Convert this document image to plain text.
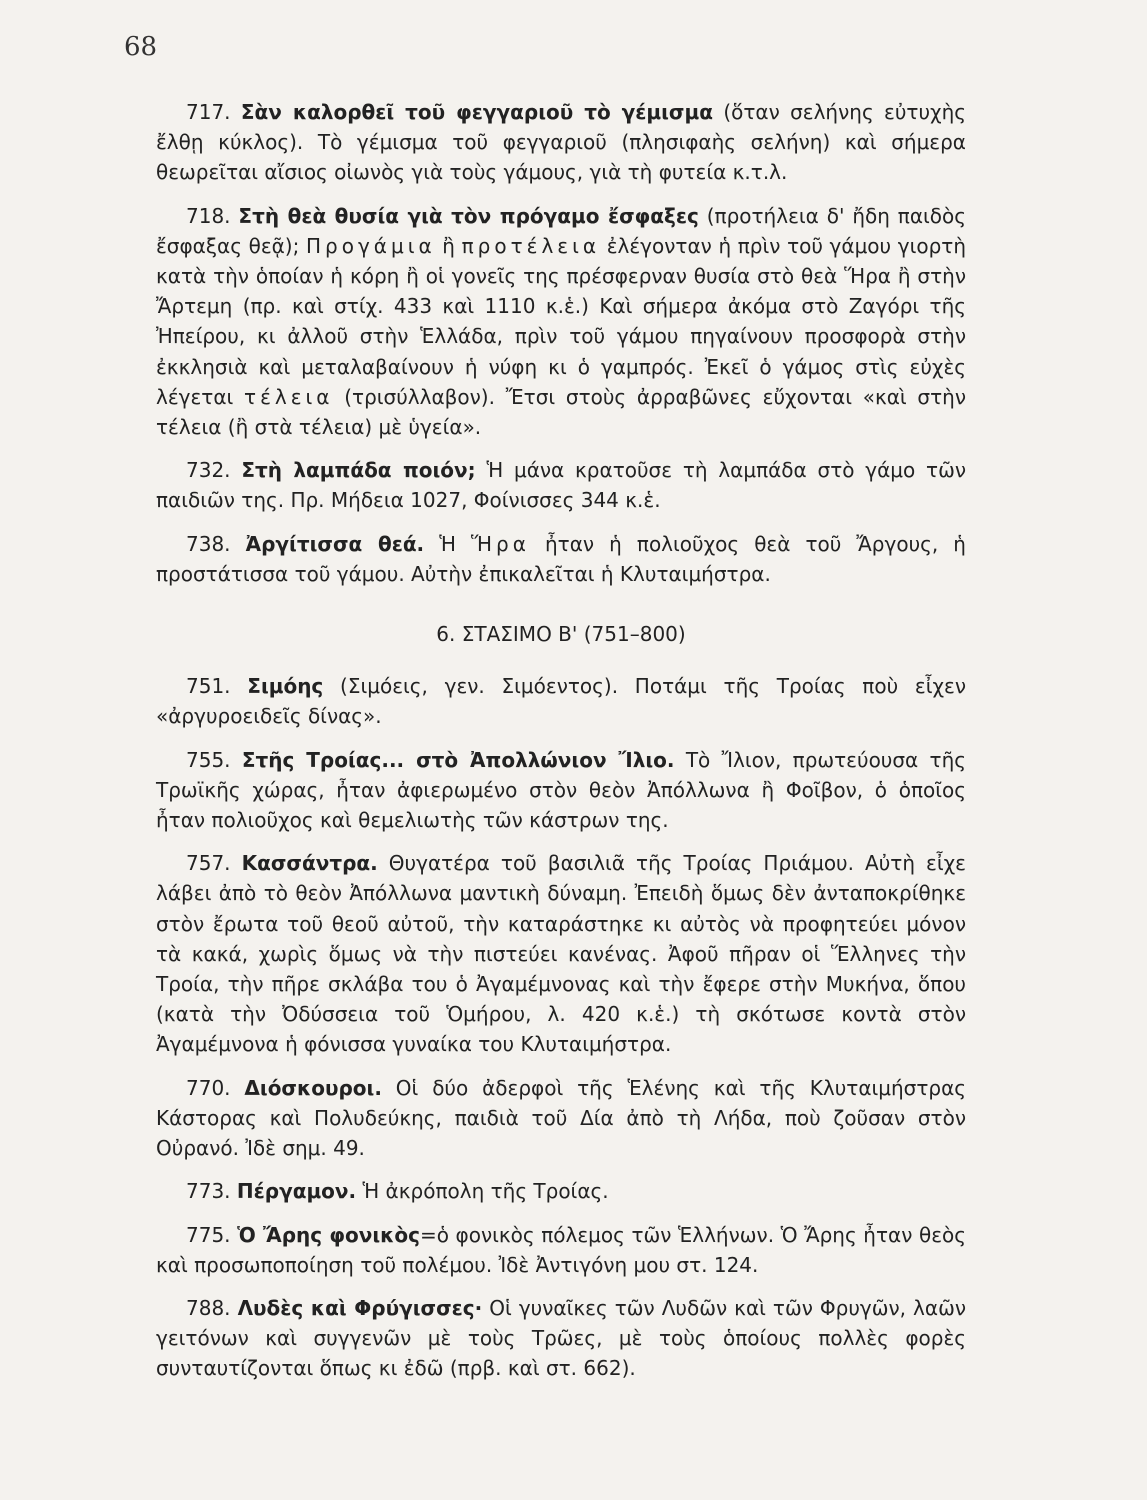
68

717. Σὰν καλορθεῖ τοῦ φεγγαριοῦ τὸ γέμισμα (ὅταν σελήνης εὐτυχὴς ἔλθῃ κύκλος). Τὸ γέμισμα τοῦ φεγγαριοῦ (πλησιφαὴς σελήνη) καὶ σήμερα θεωρεῖται αἴσιος οἰωνὸς γιὰ τοὺς γάμους, γιὰ τὴ φυτεία κ.τ.λ.

718. Στὴ θεὰ θυσία γιὰ τὸν πρόγαμο ἔσφαξες (προτήλεια δ' ἤδη παιδὸς ἔσφαξας θεᾷ); Προγάμια ἢ προτέλεια ἐλέγονταν ἡ πρὶν τοῦ γάμου γιορτὴ κατὰ τὴν ὁποίαν ἡ κόρη ἢ οἱ γονεῖς της πρέσφερναν θυσία στὸ θεὰ Ἥρα ἢ στὴν Ἄρτεμη (πρ. καὶ στίχ. 433 καὶ 1110 κ.ἑ.) Καὶ σήμερα ἀκόμα στὸ Ζαγόρι τῆς Ἠπείρου, κι ἀλλοῦ στὴν Ἑλλάδα, πρὶν τοῦ γάμου πηγαίνουν προσφορὰ στὴν ἐκκλησιὰ καὶ μεταλαβαίνουν ἡ νύφη κι ὁ γαμπρός. Ἐκεῖ ὁ γάμος στὶς εὐχὲς λέγεται τέλεια (τρισύλλαβον). Ἔτσι στοὺς ἀρραβῶνες εὔχονται «καὶ στὴν τέλεια (ἢ στὰ τέλεια) μὲ ὑγεία».

732. Στὴ λαμπάδα ποιόν; Ἡ μάνα κρατοῦσε τὴ λαμπάδα στὸ γάμο τῶν παιδιῶν της. Πρ. Μήδεια 1027, Φοίνισσες 344 κ.ἑ.

738. Ἀργίτισσα θεά. Ἡ Ἥρα ἦταν ἡ πολιοῦχος θεὰ τοῦ Ἄργους, ἡ προστάτισσα τοῦ γάμου. Αὐτὴν ἐπικαλεῖται ἡ Κλυταιμήστρα.

6. ΣΤΑΣΙΜΟ Β' (751–800)

751. Σιμόης (Σιμόεις, γεν. Σιμόεντος). Ποτάμι τῆς Τροίας ποὺ εἶχεν «ἀργυροειδεῖς δίνας».

755. Στῆς Τροίας... στὸ Ἀπολλώνιον Ἴλιο. Τὸ Ἴλιον, πρωτεύουσα τῆς Τρωϊκῆς χώρας, ἦταν ἀφιερωμένο στὸν θεὸν Ἀπόλλωνα ἢ Φοῖβον, ὁ ὁποῖος ἦταν πολιοῦχος καὶ θεμελιωτὴς τῶν κάστρων της.

757. Κασσάντρα. Θυγατέρα τοῦ βασιλιᾶ τῆς Τροίας Πριάμου. Αὐτὴ εἶχε λάβει ἀπὸ τὸ θεὸν Ἀπόλλωνα μαντικὴ δύναμη. Ἐπειδὴ ὅμως δὲν ἀνταποκρίθηκε στὸν ἔρωτα τοῦ θεοῦ αὐτοῦ, τὴν καταράστηκε κι αὐτὸς νὰ προφητεύει μόνον τὰ κακά, χωρὶς ὅμως νὰ τὴν πιστεύει κανένας. Ἀφοῦ πῆραν οἱ Ἕλληνες τὴν Τροία, τὴν πῆρε σκλάβα του ὁ Ἀγαμέμνονας καὶ τὴν ἔφερε στὴν Μυκήνα, ὅπου (κατὰ τὴν Ὀδύσσεια τοῦ Ὁμήρου, λ. 420 κ.ἑ.) τὴ σκότωσε κοντὰ στὸν Ἀγαμέμνονα ἡ φόνισσα γυναίκα του Κλυταιμήστρα.

770. Διόσκουροι. Οἱ δύο ἀδερφοὶ τῆς Ἑλένης καὶ τῆς Κλυταιμήστρας Κάστορας καὶ Πολυδεύκης, παιδιὰ τοῦ Δία ἀπὸ τὴ Λήδα, ποὺ ζοῦσαν στὸν Οὐρανό. Ἰδὲ σημ. 49.

773. Πέργαμον. Ἡ ἀκρόπολη τῆς Τροίας.

775. Ὁ Ἄρης φονικὸς=ὁ φονικὸς πόλεμος τῶν Ἑλλήνων. Ὁ Ἄρης ἦταν θεὸς καὶ προσωποποίηση τοῦ πολέμου. Ἰδὲ Ἀντιγόνη μου στ. 124.

788. Λυδὲς καὶ Φρύγισσες· Οἱ γυναῖκες τῶν Λυδῶν καὶ τῶν Φρυγῶν, λαῶν γειτόνων καὶ συγγενῶν μὲ τοὺς Τρῶες, μὲ τοὺς ὁποίους πολλὲς φορὲς συνταυτίζονται ὅπως κι ἐδῶ (πρβ. καὶ στ. 662).
